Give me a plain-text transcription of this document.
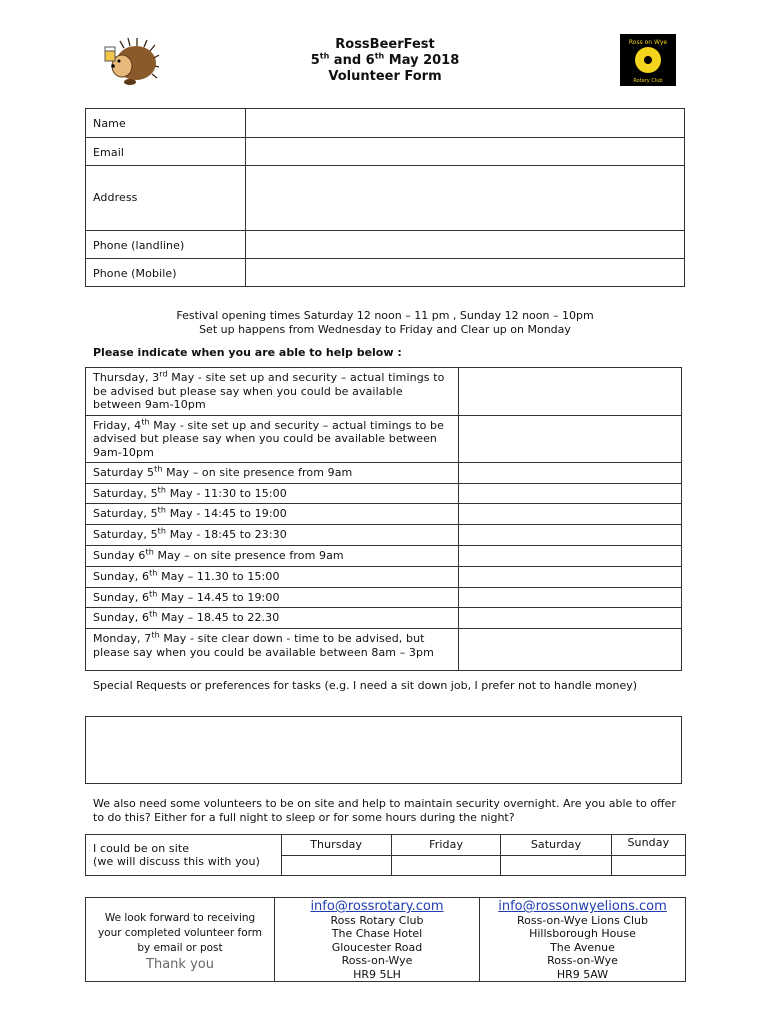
RossBeerFest
5th and 6th May 2018
Volunteer Form
Ross on Wye
Rotary Club
Name	

Email	

Address	

Phone (landline)	

Phone (Mobile)	

Festival opening times Saturday 12 noon – 11 pm , Sunday 12 noon – 10pm
Set up happens from Wednesday to Friday and Clear up on Monday
Please indicate when you are able to help below :
Thursday, 3rd May - site set up and security – actual timings to be advised but please say when you could be available between 9am-10pm	

Friday, 4th May - site set up and security – actual timings to be advised but please say when you could be available between 9am-10pm	

Saturday 5th May – on site presence from 9am	

Saturday, 5th May - 11:30 to 15:00	

Saturday, 5th May - 14:45 to 19:00	

Saturday, 5th May - 18:45 to 23:30	

Sunday 6th May – on site presence from 9am	

Sunday, 6th May – 11.30 to 15:00	

Sunday, 6th May – 14.45 to 19:00	

Sunday, 6th May – 18.45 to 22.30	

Monday, 7th May - site clear down - time to be advised, but please say when you could be available between 8am – 3pm	

Special Requests or preferences for tasks (e.g. I need a sit down job, I prefer not to handle money)
We also need some volunteers to be on site and help to maintain security overnight. Are you able to offer to do this? Either for a full night to sleep or for some hours during the night?
I could be on site
(we will discuss this with you)	Thursday	Friday	Saturday	Sunday

We look forward to receiving
your completed volunteer form
by email or post
Thank you

info@rossrotary.com
Ross Rotary Club
The Chase Hotel
Gloucester Road
Ross-on-Wye
HR9 5LH

info@rossonwyelions.com
Ross-on-Wye Lions Club
Hillsborough House
The Avenue
Ross-on-Wye
HR9 5AW
